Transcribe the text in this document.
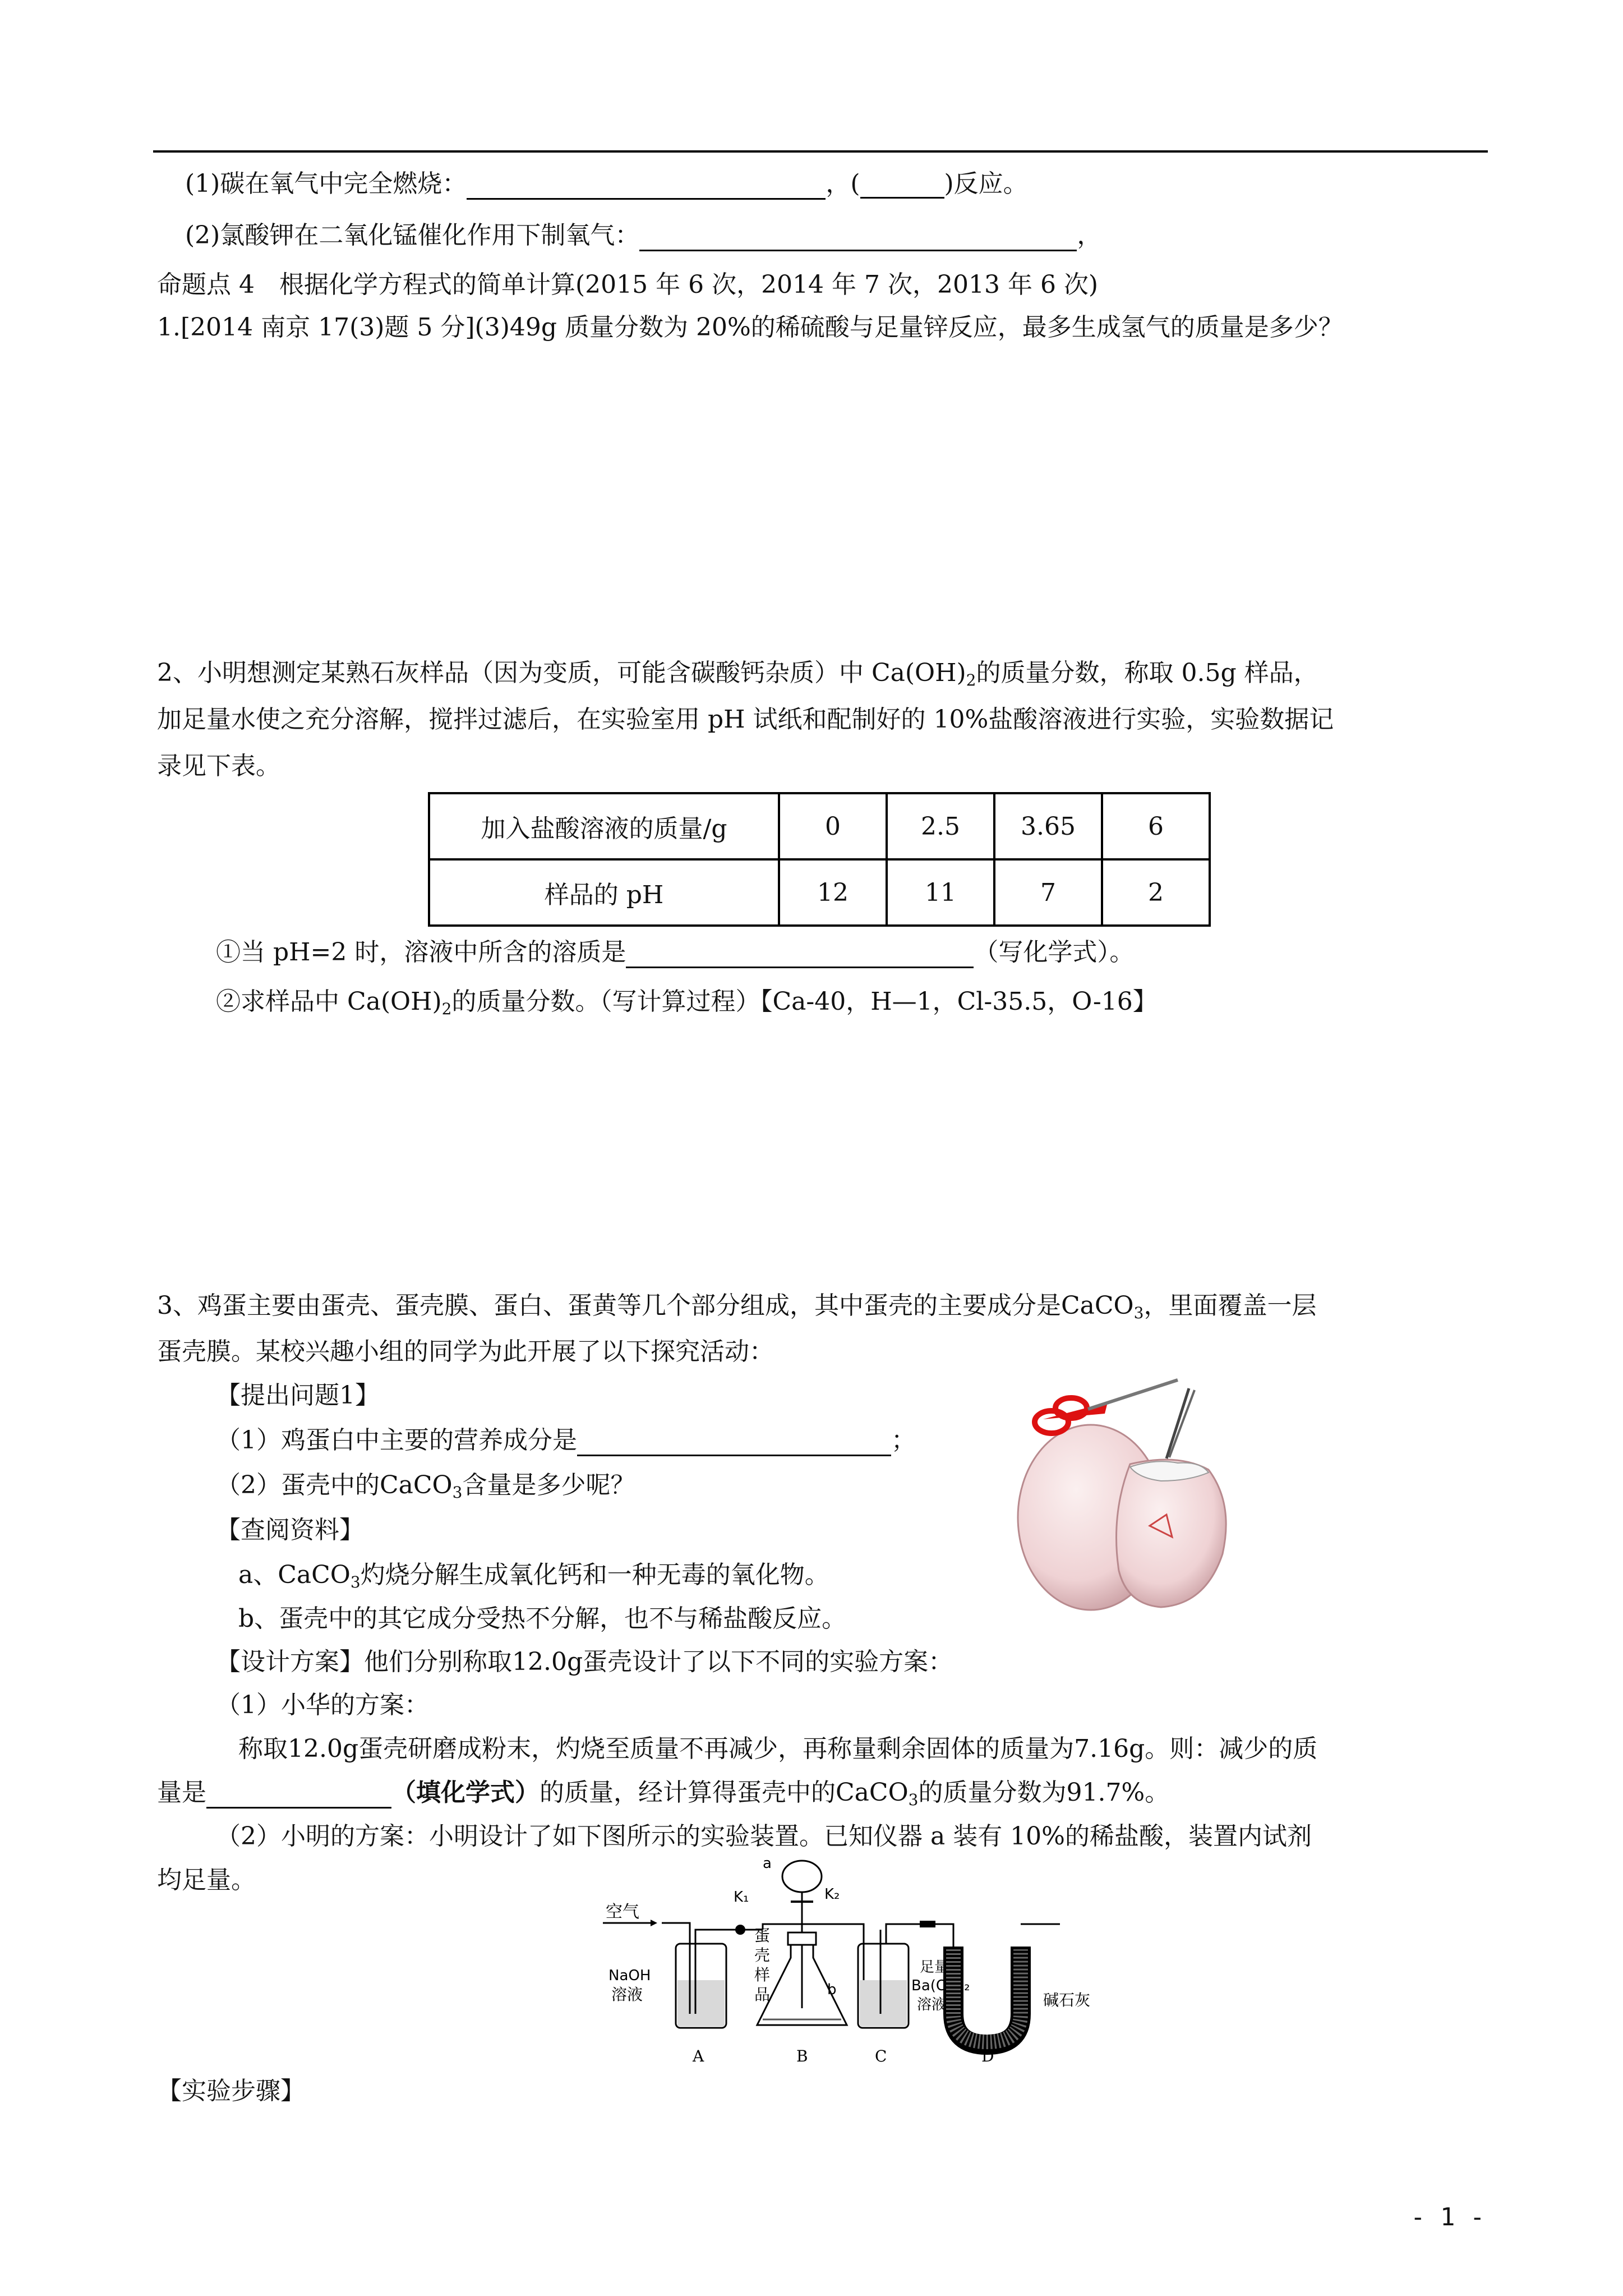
(1)碳在氧气中完全燃烧：	，(	)反应。
(2)氯酸钾在二氧化锰催化作用下制氧气：	，
命题点 4　根据化学方程式的简单计算(2015 年 6 次，2014 年 7 次，2013 年 6 次)
1.[2014 南京 17(3)题 5 分](3)49g 质量分数为 20%的稀硫酸与足量锌反应，最多生成氢气的质量是多少？
2、小明想测定某熟石灰样品（因为变质，可能含碳酸钙杂质）中 $Ca(OH)_2$的质量分数，称取 0.5g 样品，
加足量水使之充分溶解，搅拌过滤后，在实验室用 pH 试纸和配制好的 10%盐酸溶液进行实验，实验数据记
录见下表。
加入盐酸溶液的质量/g	0	2.5	3.65	6
样品的 pH	12	11	7	2
①当 pH=2 时，溶液中所含的溶质是	（写化学式）。
②求样品中 $Ca(OH)_2$的质量分数。（写计算过程）【Ca-40，H—1，Cl-35.5，O-16】
3、鸡蛋主要由蛋壳、蛋壳膜、蛋白、蛋黄等几个部分组成，其中蛋壳的主要成分是CaCO$_3$，里面覆盖一层
蛋壳膜。某校兴趣小组的同学为此开展了以下探究活动：
【提出问题1】
（1）鸡蛋白中主要的营养成分是	；
（2）蛋壳中的CaCO$_3$含量是多少呢？
【查阅资料】
a、CaCO$_3$灼烧分解生成氧化钙和一种无毒的氧化物。
b、蛋壳中的其它成分受热不分解，也不与稀盐酸反应。
【设计方案】他们分别称取12.0g蛋壳设计了以下不同的实验方案：
（1）小华的方案：
称取12.0g蛋壳研磨成粉末，灼烧至质量不再减少，再称量剩余固体的质量为7.16g。则：减少的质
量是	（填化学式）的质量，经计算得蛋壳中的CaCO$_3$的质量分数为91.7%。
（2）小明的方案：小明设计了如下图所示的实验装置。已知仪器 a 装有 10%的稀盐酸，装置内试剂
均足量。
空气
NaOH
溶液
A
K₁
蛋
壳
样
品
a
K₂
b
B
足量
Ba(OH)₂
溶液
C
碱石灰
D
【实验步骤】
- 1 -
